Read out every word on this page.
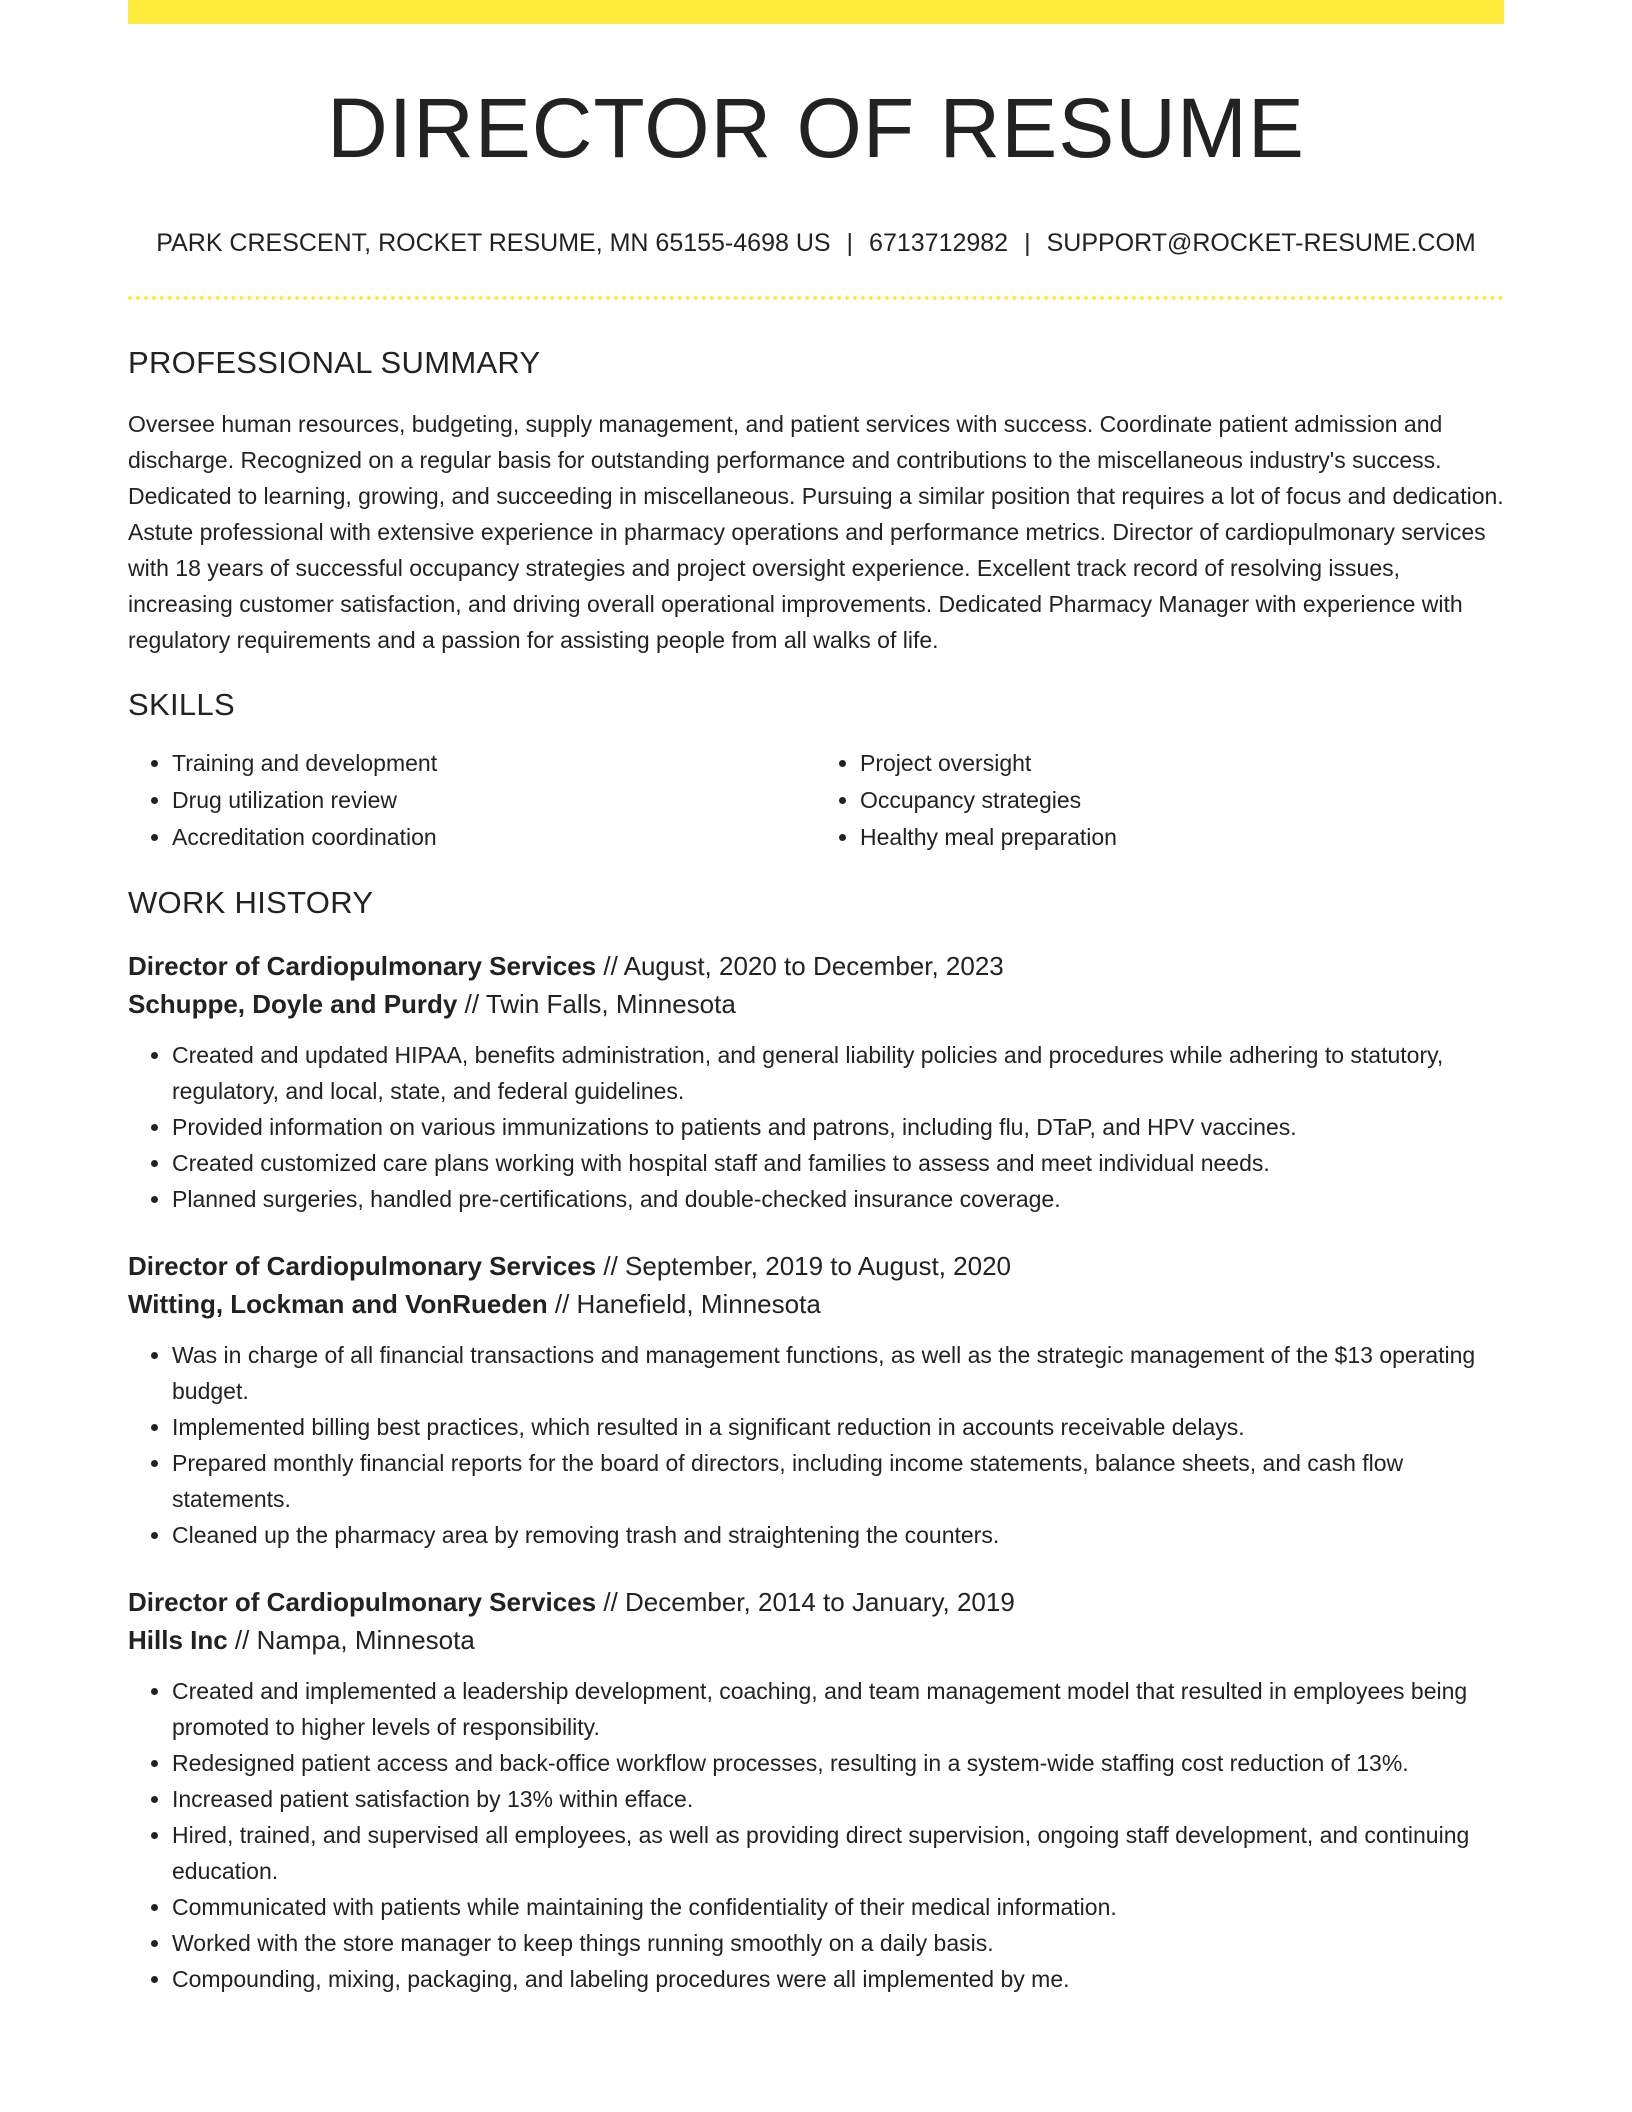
DIRECTOR OF RESUME
PARK CRESCENT, ROCKET RESUME, MN 65155-4698 US | 6713712982 | SUPPORT@ROCKET-RESUME.COM
PROFESSIONAL SUMMARY

Oversee human resources, budgeting, supply management, and patient services with success. Coordinate patient admission and discharge. Recognized on a regular basis for outstanding performance and contributions to the miscellaneous industry's success. Dedicated to learning, growing, and succeeding in miscellaneous. Pursuing a similar position that requires a lot of focus and dedication. Astute professional with extensive experience in pharmacy operations and performance metrics. Director of cardiopulmonary services with 18 years of successful occupancy strategies and project oversight experience. Excellent track record of resolving issues, increasing customer satisfaction, and driving overall operational improvements. Dedicated Pharmacy Manager with experience with regulatory requirements and a passion for assisting people from all walks of life.

SKILLS
• Training and development
• Drug utilization review
• Accreditation coordination
• Project oversight
• Occupancy strategies
• Healthy meal preparation
WORK HISTORY
Director of Cardiopulmonary Services // August, 2020 to December, 2023
Schuppe, Doyle and Purdy // Twin Falls, Minnesota
• Created and updated HIPAA, benefits administration, and general liability policies and procedures while adhering to statutory, regulatory, and local, state, and federal guidelines.
• Provided information on various immunizations to patients and patrons, including flu, DTaP, and HPV vaccines.
• Created customized care plans working with hospital staff and families to assess and meet individual needs.
• Planned surgeries, handled pre-certifications, and double-checked insurance coverage.
Director of Cardiopulmonary Services // September, 2019 to August, 2020
Witting, Lockman and VonRueden // Hanefield, Minnesota
• Was in charge of all financial transactions and management functions, as well as the strategic management of the $13 operating budget.
• Implemented billing best practices, which resulted in a significant reduction in accounts receivable delays.
• Prepared monthly financial reports for the board of directors, including income statements, balance sheets, and cash flow statements.
• Cleaned up the pharmacy area by removing trash and straightening the counters.
Director of Cardiopulmonary Services // December, 2014 to January, 2019
Hills Inc // Nampa, Minnesota
• Created and implemented a leadership development, coaching, and team management model that resulted in employees being promoted to higher levels of responsibility.
• Redesigned patient access and back-office workflow processes, resulting in a system-wide staffing cost reduction of 13%.
• Increased patient satisfaction by 13% within efface.
• Hired, trained, and supervised all employees, as well as providing direct supervision, ongoing staff development, and continuing education.
• Communicated with patients while maintaining the confidentiality of their medical information.
• Worked with the store manager to keep things running smoothly on a daily basis.
• Compounding, mixing, packaging, and labeling procedures were all implemented by me.
